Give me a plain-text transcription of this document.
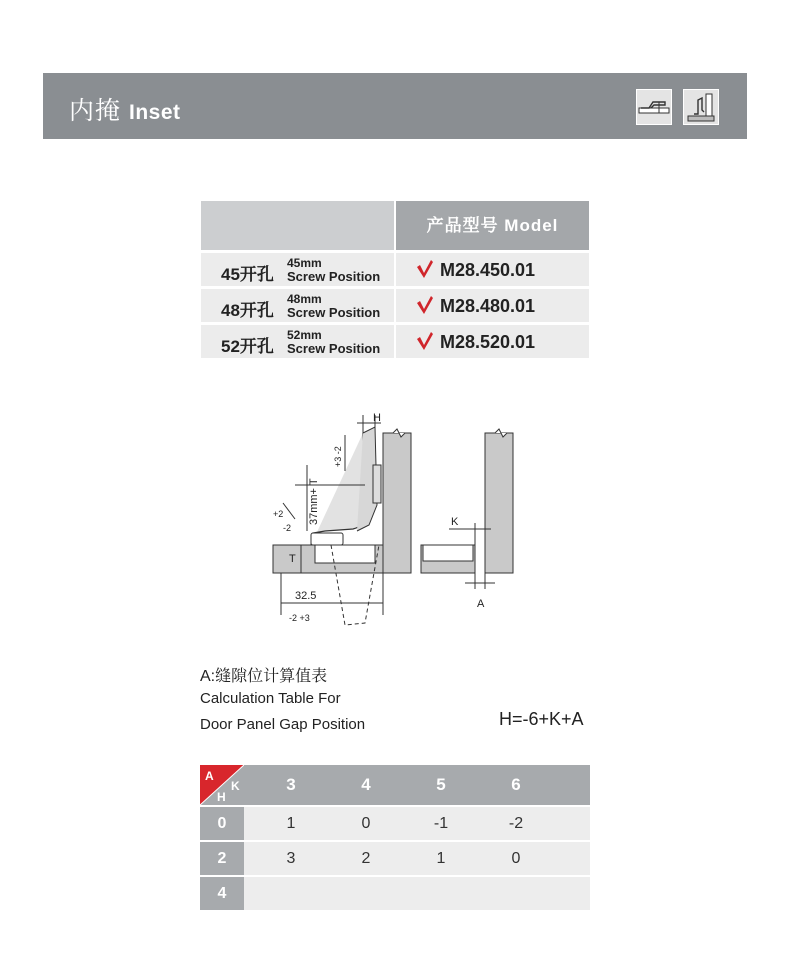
内掩 Inset
产品型号 Model
45开孔
45mm
Screw Position	M28.450.01
48开孔
48mm
Screw Position	M28.480.01
52开孔
52mm
Screw Position	M28.520.01
H
+3 -2
37mm+ T
+2
-2
T
32.5
-2 +3
K
A
A:缝隙位计算值表
Calculation Table For
Door Panel Gap Position	H=-6+K+A
A
H
K	3	4	5	6
0	1	0	-1	-2
2	3	2	1	0
4
